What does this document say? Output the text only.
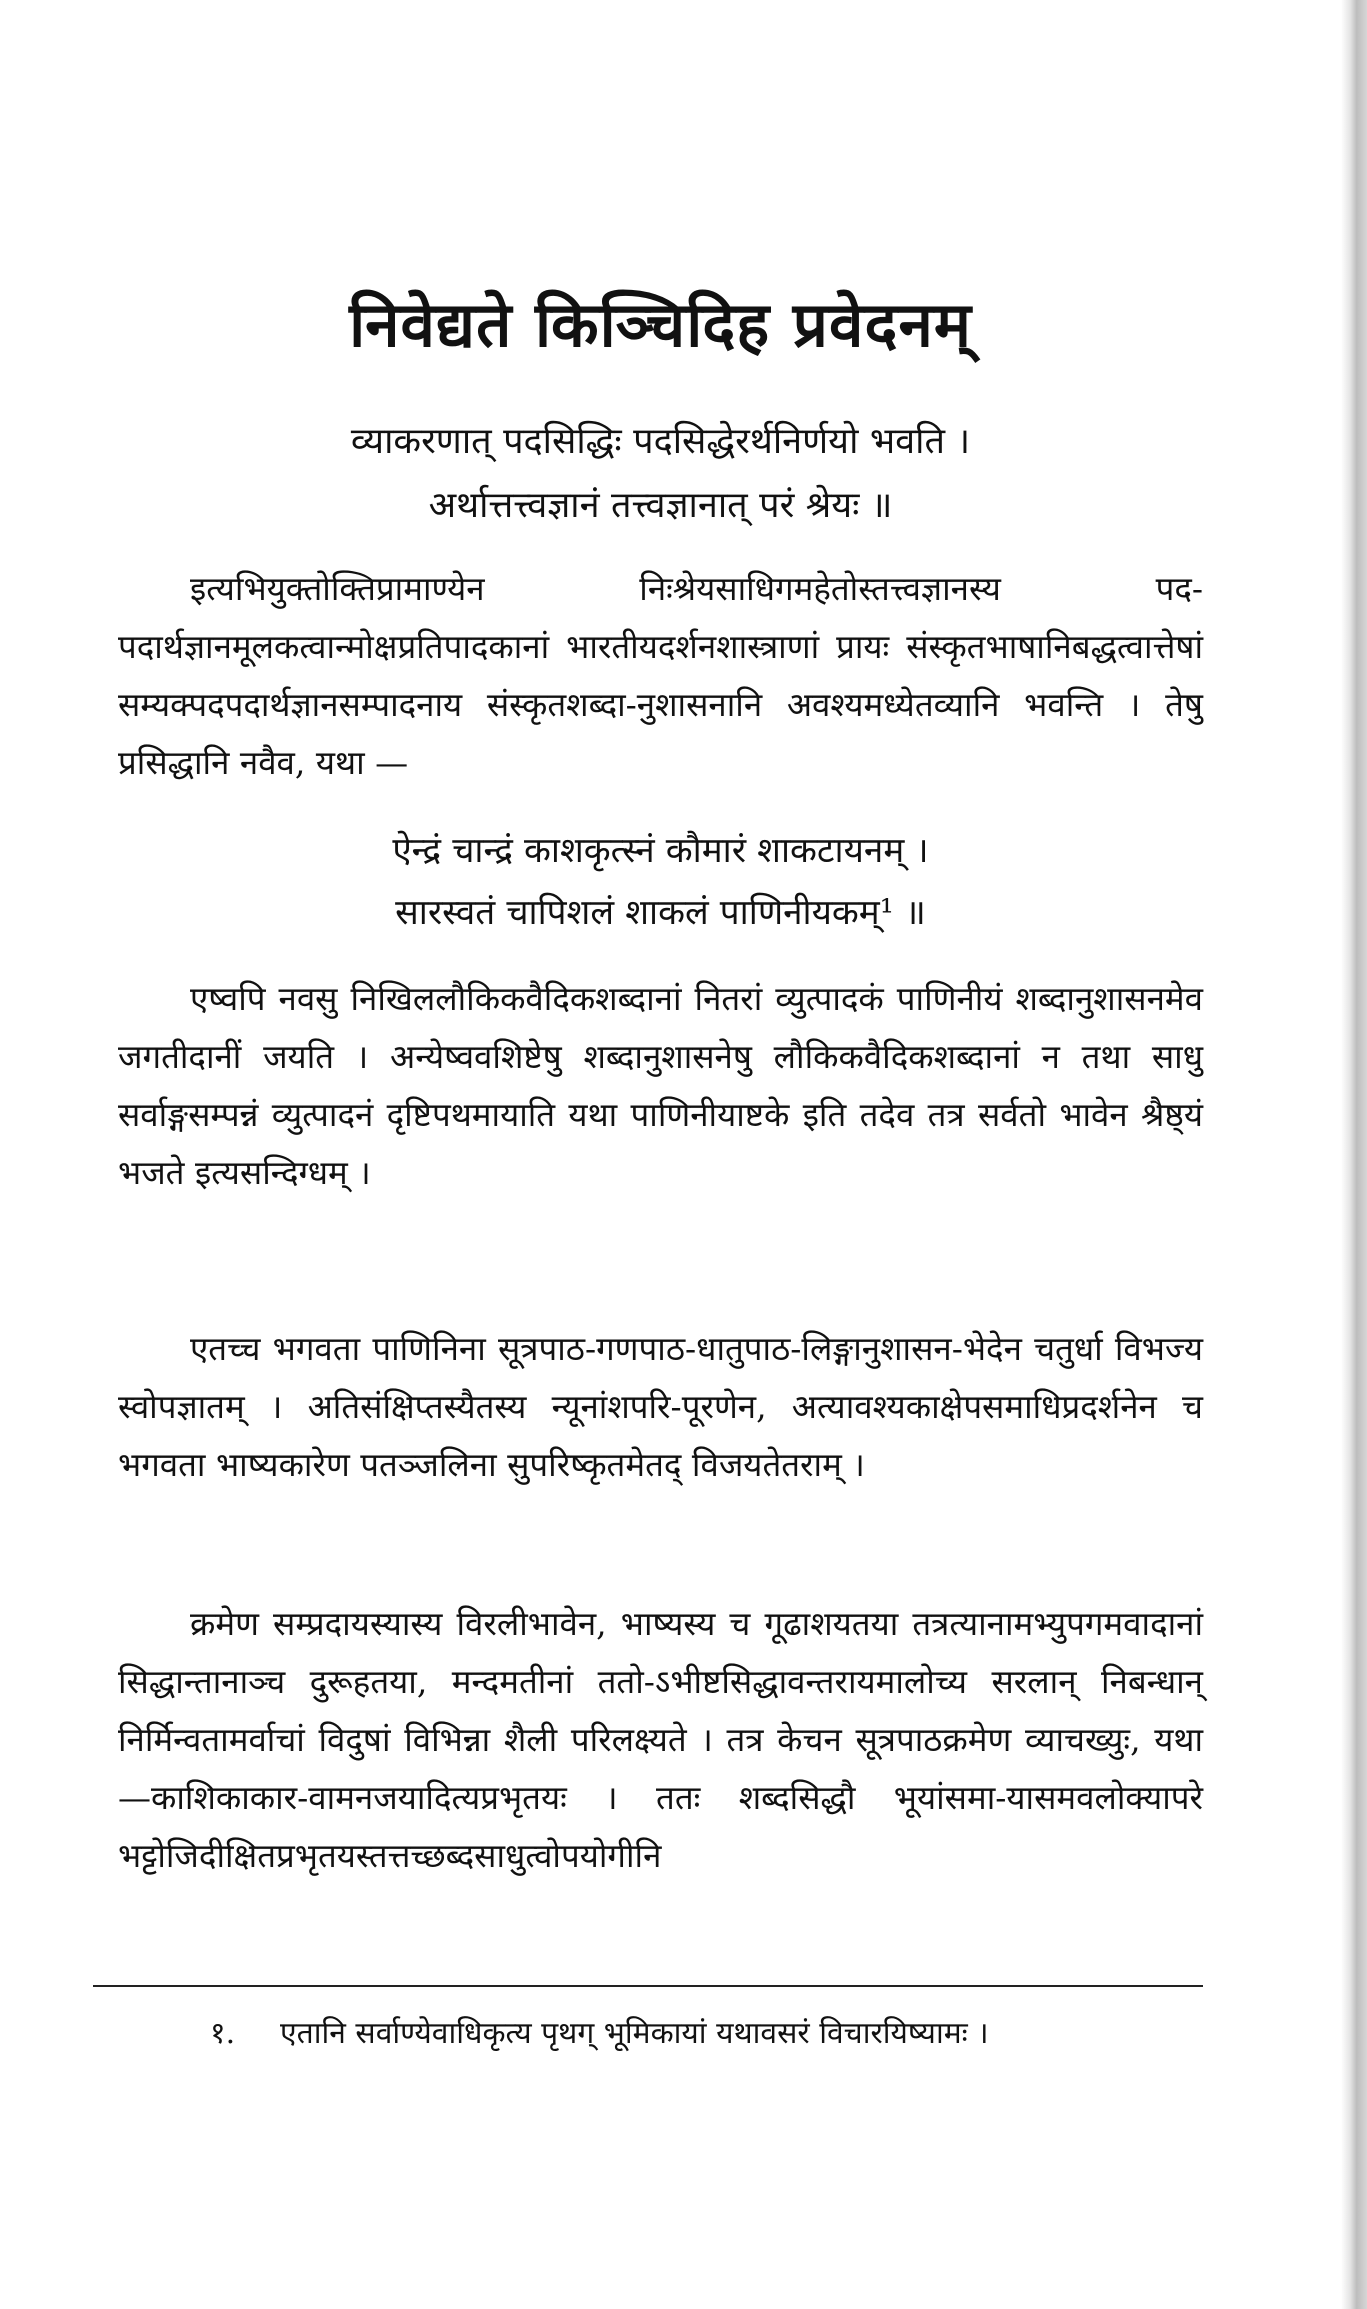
निवेद्यते किञ्चिदिह प्रवेदनम्
व्याकरणात् पदसिद्धिः पदसिद्धेरर्थनिर्णयो भवति ।
अर्थात्तत्त्वज्ञानं तत्त्वज्ञानात् परं श्रेयः ॥

इत्यभियुक्तोक्तिप्रामाण्येन निःश्रेयसाधिगमहेतोस्तत्त्वज्ञानस्य पद-पदार्थज्ञानमूलकत्वान्मोक्षप्रतिपादकानां भारतीयदर्शनशास्त्राणां प्रायः संस्कृतभाषानिबद्धत्वात्तेषां सम्यक्पदपदार्थज्ञानसम्पादनाय संस्कृतशब्दा-नुशासनानि अवश्यमध्येतव्यानि भवन्ति । तेषु प्रसिद्धानि नवैव, यथा —

ऐन्द्रं चान्द्रं काशकृत्स्नं कौमारं शाकटायनम् ।
सारस्वतं चापिशलं शाकलं पाणिनीयकम्¹ ॥

एष्वपि नवसु निखिललौकिकवैदिकशब्दानां नितरां व्युत्पादकं पाणिनीयं शब्दानुशासनमेव जगतीदानीं जयति । अन्येष्ववशिष्टेषु शब्दानुशासनेषु लौकिकवैदिकशब्दानां न तथा साधु सर्वाङ्गसम्पन्नं व्युत्पादनं दृष्टिपथमायाति यथा पाणिनीयाष्टके इति तदेव तत्र सर्वतो भावेन श्रैष्ठ्यं भजते इत्यसन्दिग्धम् ।

एतच्च भगवता पाणिनिना सूत्रपाठ-गणपाठ-धातुपाठ-लिङ्गानुशासन-भेदेन चतुर्धा विभज्य स्वोपज्ञातम् । अतिसंक्षिप्तस्यैतस्य न्यूनांशपरि-पूरणेन, अत्यावश्यकाक्षेपसमाधिप्रदर्शनेन च भगवता भाष्यकारेण पतञ्जलिना सुपरिष्कृतमेतद् विजयतेतराम् ।

क्रमेण सम्प्रदायस्यास्य विरलीभावेन, भाष्यस्य च गूढाशयतया तत्रत्यानामभ्युपगमवादानां सिद्धान्तानाञ्च दुरूहतया, मन्दमतीनां ततो-ऽभीष्टसिद्धावन्तरायमालोच्य सरलान् निबन्धान् निर्मिन्वतामर्वाचां विदुषां विभिन्ना शैली परिलक्ष्यते । तत्र केचन सूत्रपाठक्रमेण व्याचख्युः, यथा—काशिकाकार-वामनजयादित्यप्रभृतयः । ततः शब्दसिद्धौ भूयांसमा-यासमवलोक्यापरे भट्टोजिदीक्षितप्रभृतयस्तत्तच्छब्दसाधुत्वोपयोगीनि

१. एतानि सर्वाण्येवाधिकृत्य पृथग् भूमिकायां यथावसरं विचारयिष्यामः ।
